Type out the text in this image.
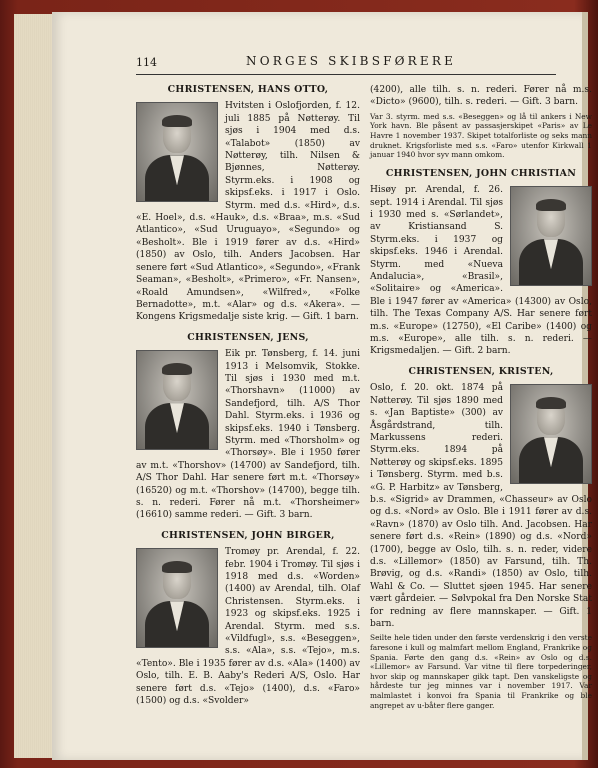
114	NORGES SKIBSFØRERE
CHRISTENSEN, HANS OTTO,
Hvitsten i Oslofjorden, f. 12. juli 1885 på Nøtterøy. Til sjøs i 1904 med d.s. «Talabot» (1850) av Nøtterøy, tilh. Nilsen & Bjønnes, Nøtterøy. Styrm.eks. i 1908 og skipsf.eks. i 1917 i Oslo. Styrm. med d.s. «Hird», d.s. «E. Hoel», d.s. «Hauk», d.s. «Braa», m.s. «Sud Atlantico», «Sud Uruguayo», «Segundo» og «Besholt». Ble i 1919 fører av d.s. «Hird» (1850) av Oslo, tilh. Anders Jacobsen. Har senere ført «Sud Atlantico», «Segundo», «Frank Seaman», «Besholt», «Primero», «Fr. Nansen», «Roald Amundsen», «Wilfred», «Folke Bernadotte», m.t. «Alar» og d.s. «Akera». — Kongens Krigsmedalje siste krig. — Gift. 1 barn.
CHRISTENSEN, JENS,
Eik pr. Tønsberg, f. 14. juni 1913 i Melsomvik, Stokke. Til sjøs i 1930 med m.t. «Thorshavn» (11000) av Sandefjord, tilh. A/S Thor Dahl. Styrm.eks. i 1936 og skipsf.eks. 1940 i Tønsberg. Styrm. med «Thorsholm» og «Thorsøy». Ble i 1950 fører av m.t. «Thorshov» (14700) av Sandefjord, tilh. A/S Thor Dahl. Har senere ført m.t. «Thorsøy» (16520) og m.t. «Thorshov» (14700), begge tilh. s. n. rederi. Fører nå m.t. «Thorsheimer» (16610) samme rederi. — Gift. 3 barn.
CHRISTENSEN, JOHN BIRGER,
Tromøy pr. Arendal, f. 22. febr. 1904 i Tromøy. Til sjøs i 1918 med d.s. «Worden» (1400) av Arendal, tilh. Olaf Christensen. Styrm.eks. i 1923 og skipsf.eks. 1925 i Arendal. Styrm. med s.s. «Vildfugl», s.s. «Beseggen», s.s. «Ala», s.s. «Tejo», m.s. «Tento». Ble i 1935 fører av d.s. «Ala» (1400) av Oslo, tilh. E. B. Aaby's Rederi A/S, Oslo. Har senere ført d.s. «Tejo» (1400), d.s. «Faro» (1500) og d.s. «Svolder»
(4200), alle tilh. s. n. rederi. Fører nå m.s. «Dicto» (9600), tilh. s. rederi. — Gift. 3 barn.
Var 3. styrm. med s.s. «Beseggen» og lå til ankers i New York havn. Ble påsent av passasjerskipet «Paris» av Le Havre 1 november 1937. Skipet totalforliste og seks mann druknet. Krigsforliste med s.s. «Faro» utenfor Kirkwall 1 januar 1940 hvor syv mann omkom.
CHRISTENSEN, JOHN CHRISTIAN
Hisøy pr. Arendal, f. 26. sept. 1914 i Arendal. Til sjøs i 1930 med s. «Sørlandet», av Kristiansand S. Styrm.eks. i 1937 og skipsf.eks. 1946 i Arendal. Styrm. med «Nueva Andalucia», «Brasil», «Solitaire» og «America». Ble i 1947 fører av «America» (14300) av Oslo, tilh. The Texas Company A/S. Har senere ført m.s. «Europe» (12750), «El Caribe» (1400) og m.s. «Europe», alle tilh. s. n. rederi. — Krigsmedaljen. — Gift. 2 barn.
CHRISTENSEN, KRISTEN,
Oslo, f. 20. okt. 1874 på Nøtterøy. Til sjøs 1890 med s. «Jan Baptiste» (300) av Åsgårdstrand, tilh. Markussens rederi. Styrm.eks. 1894 på Nøtterøy og skipsf.eks. 1895 i Tønsberg. Styrm. med b.s. «G. P. Harbitz» av Tønsberg, b.s. «Sigrid» av Drammen, «Chasseur» av Oslo og d.s. «Nord» av Oslo. Ble i 1911 fører av d.s. «Ravn» (1870) av Oslo tilh. And. Jacobsen. Har senere ført d.s. «Rein» (1890) og d.s. «Nord» (1700), begge av Oslo, tilh. s. n. reder, videre d.s. «Lillemor» (1850) av Farsund, tilh. Th. Brøvig, og d.s. «Randi» (1850) av Oslo, tilh. Wahl & Co. — Sluttet sjøen 1945. Har senere vært gårdeier. — Sølvpokal fra Den Norske Stat for redning av flere mannskaper. — Gift. 1 barn.
Seilte hele tiden under den første verdenskrig i den verste faresone i kull og malmfart mellom England, Frankrike og Spania. Førte den gang d.s. «Rein» av Oslo og d.s. «Lillemor» av Farsund. Var vitne til flere torpederinger, hvor skip og mannskaper gikk tapt. Den vanskeligste og hårdeste tur jeg minnes var i november 1917. Var malmlastet i konvoi fra Spania til Frankrike og ble angrepet av u-båter flere ganger.
